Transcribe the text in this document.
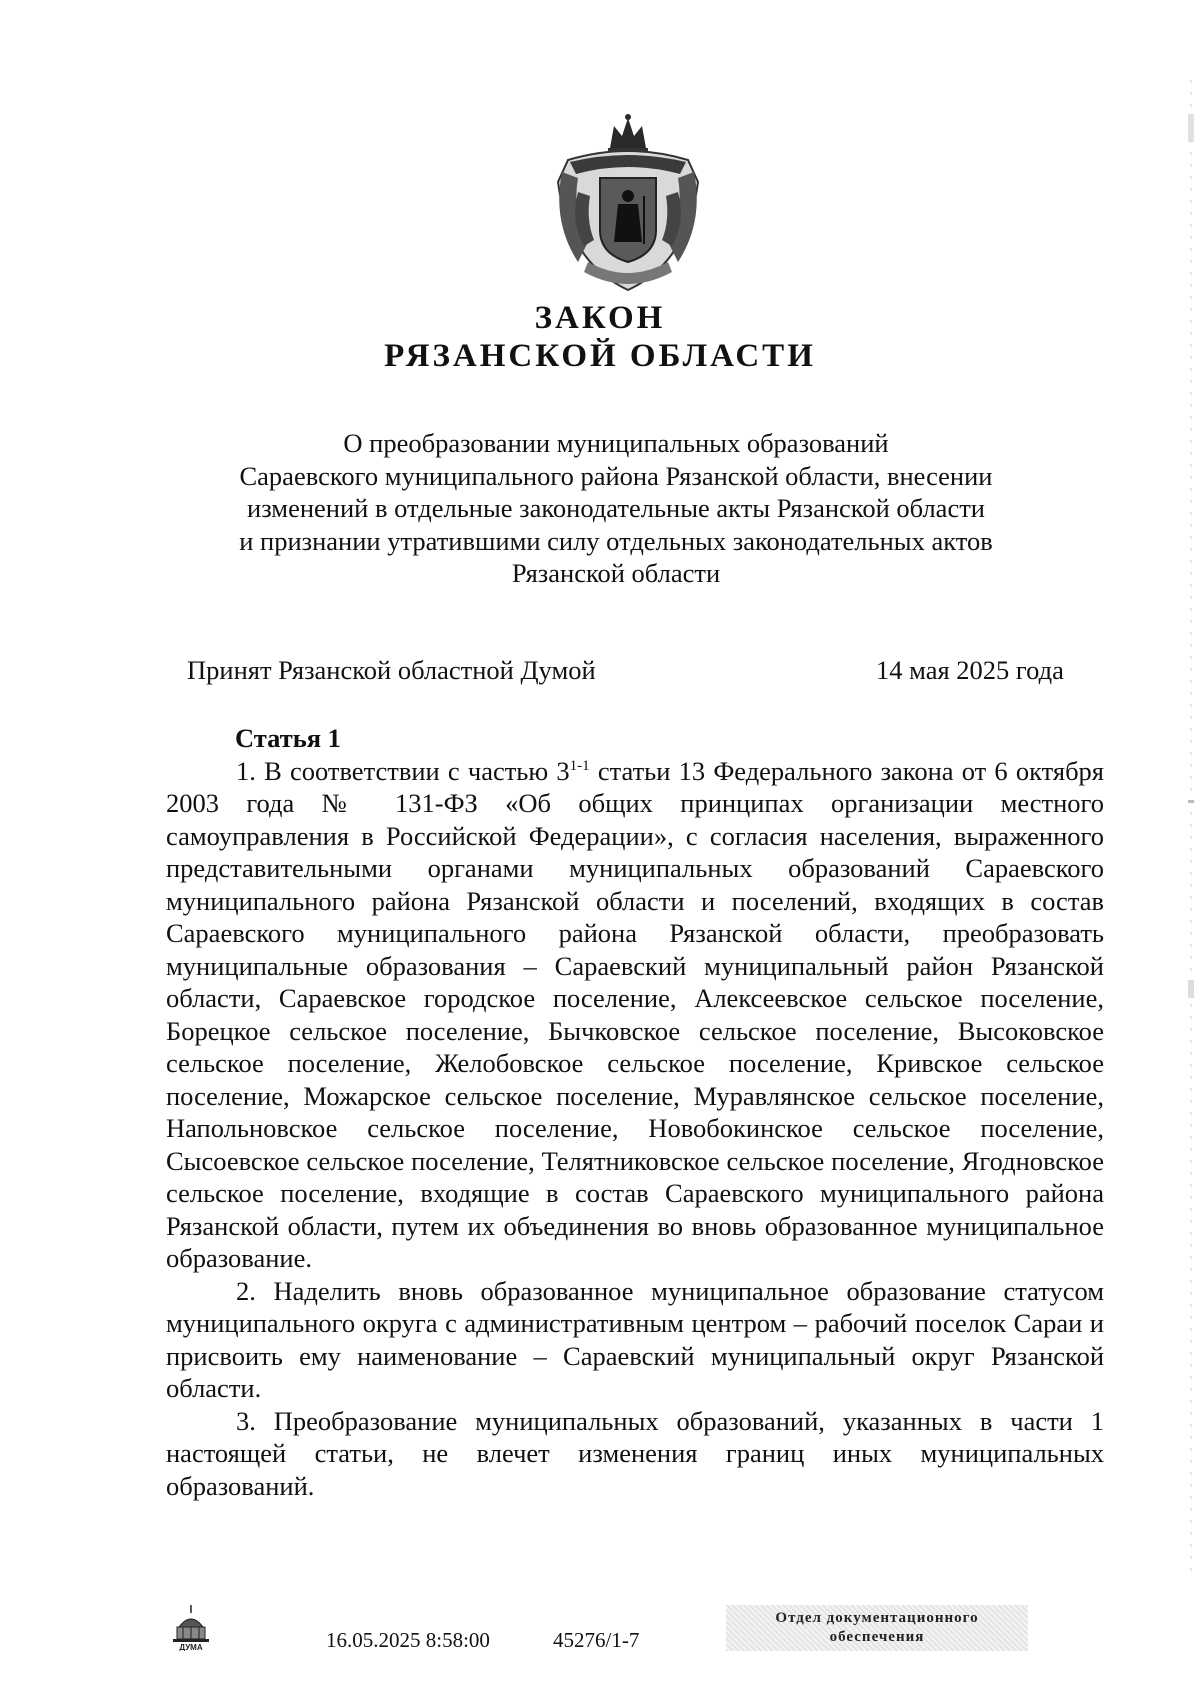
ЗАКОН
РЯЗАНСКОЙ ОБЛАСТИ
О преобразовании муниципальных образований
Сараевского муниципального района Рязанской области, внесении
изменений в отдельные законодательные акты Рязанской области
и признании утратившими силу отдельных законодательных актов
Рязанской области
Принят Рязанской областной Думой	14 мая 2025 года
Статья 1

1. В соответствии с частью 3$^{1-1}$ статьи 13 Федерального закона от 6 октября 2003 года № 131-ФЗ «Об общих принципах организации местного самоуправления в Российской Федерации», с согласия населения, выраженного представительными органами муниципальных образований Сараевского муниципального района Рязанской области и поселений, входящих в состав Сараевского муниципального района Рязанской области, преобразовать муниципальные образования – Сараевский муниципальный район Рязанской области, Сараевское городское поселение, Алексеевское сельское поселение, Борецкое сельское поселение, Бычковское сельское поселение, Высоковское сельское поселение, Желобовское сельское поселение, Кривское сельское поселение, Можарское сельское поселение, Муравлянское сельское поселение, Напольновское сельское поселение, Новобокинское сельское поселение, Сысоевское сельское поселение, Телятниковское сельское поселение, Ягодновское сельское поселение, входящие в состав Сараевского муниципального района Рязанской области, путем их объединения во вновь образованное муниципальное образование.

2. Наделить вновь образованное муниципальное образование статусом муниципального округа с административным центром – рабочий поселок Сараи и присвоить ему наименование – Сараевский муниципальный округ Рязанской области.

3. Преобразование муниципальных образований, указанных в части 1 настоящей статьи, не влечет изменения границ иных муниципальных образований.

ДУМА	16.05.2025 8:58:00	45276/1-7
Отдел документационного
обеспечения
